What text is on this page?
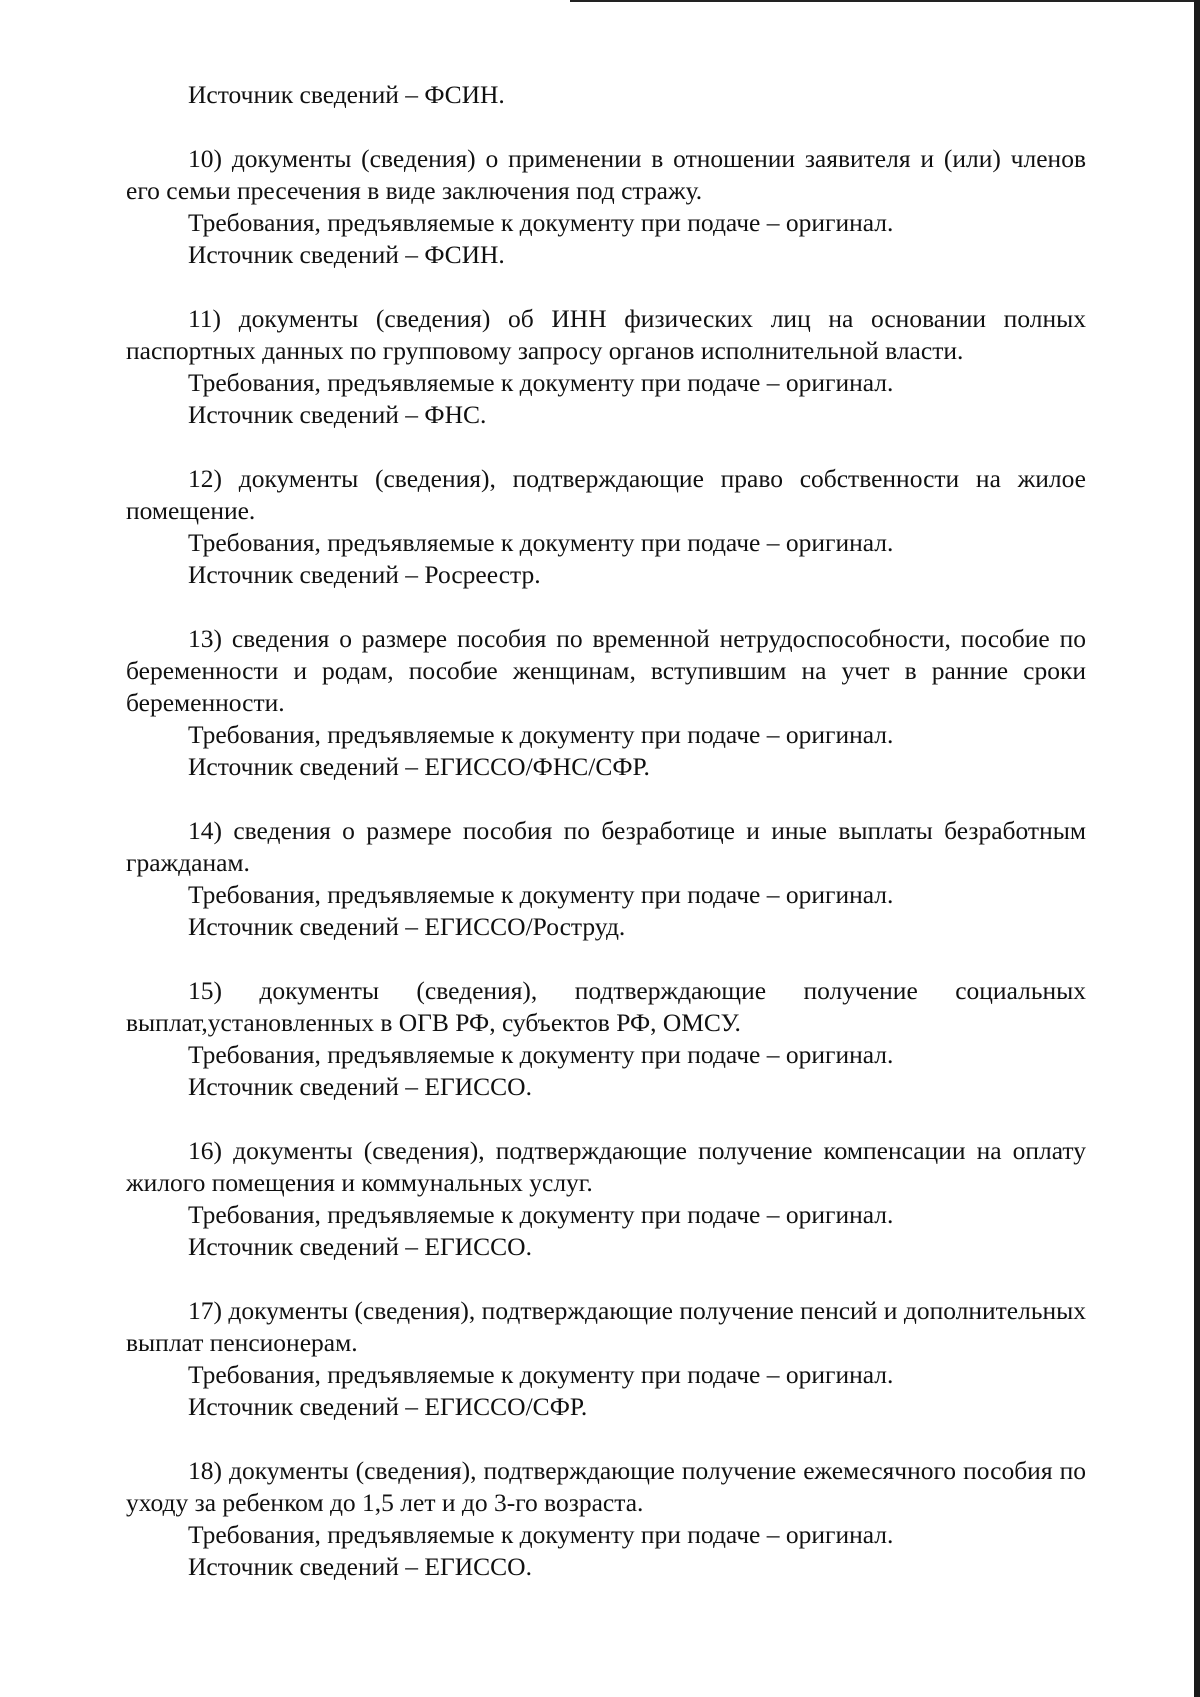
Источник сведений – ФСИН.

10) документы (сведения) о применении в отношении заявителя и (или) членов его семьи пресечения в виде заключения под стражу.

Требования, предъявляемые к документу при подаче – оригинал.

Источник сведений – ФСИН.

11) документы (сведения) об ИНН физических лиц на основании полных паспортных данных по групповому запросу органов исполнительной власти.

Требования, предъявляемые к документу при подаче – оригинал.

Источник сведений – ФНС.

12) документы (сведения), подтверждающие право собственности на жилое помещение.

Требования, предъявляемые к документу при подаче – оригинал.

Источник сведений – Росреестр.

13) сведения о размере пособия по временной нетрудоспособности, пособие по беременности и родам, пособие женщинам, вступившим на учет в ранние сроки беременности.

Требования, предъявляемые к документу при подаче – оригинал.

Источник сведений – ЕГИССО/ФНС/СФР.

14) сведения о размере пособия по безработице и иные выплаты безработным гражданам.

Требования, предъявляемые к документу при подаче – оригинал.

Источник сведений – ЕГИССО/Роструд.

15) документы (сведения), подтверждающие получение социальных выплат,установленных в ОГВ РФ, субъектов РФ, ОМСУ.

Требования, предъявляемые к документу при подаче – оригинал.

Источник сведений – ЕГИССО.

16) документы (сведения), подтверждающие получение компенсации на оплату жилого помещения и коммунальных услуг.

Требования, предъявляемые к документу при подаче – оригинал.

Источник сведений – ЕГИССО.

17) документы (сведения), подтверждающие получение пенсий и дополнительных выплат пенсионерам.

Требования, предъявляемые к документу при подаче – оригинал.

Источник сведений – ЕГИССО/СФР.

18) документы (сведения), подтверждающие получение ежемесячного пособия по уходу за ребенком до 1,5 лет и до 3-го возраста.

Требования, предъявляемые к документу при подаче – оригинал.

Источник сведений – ЕГИССО.
